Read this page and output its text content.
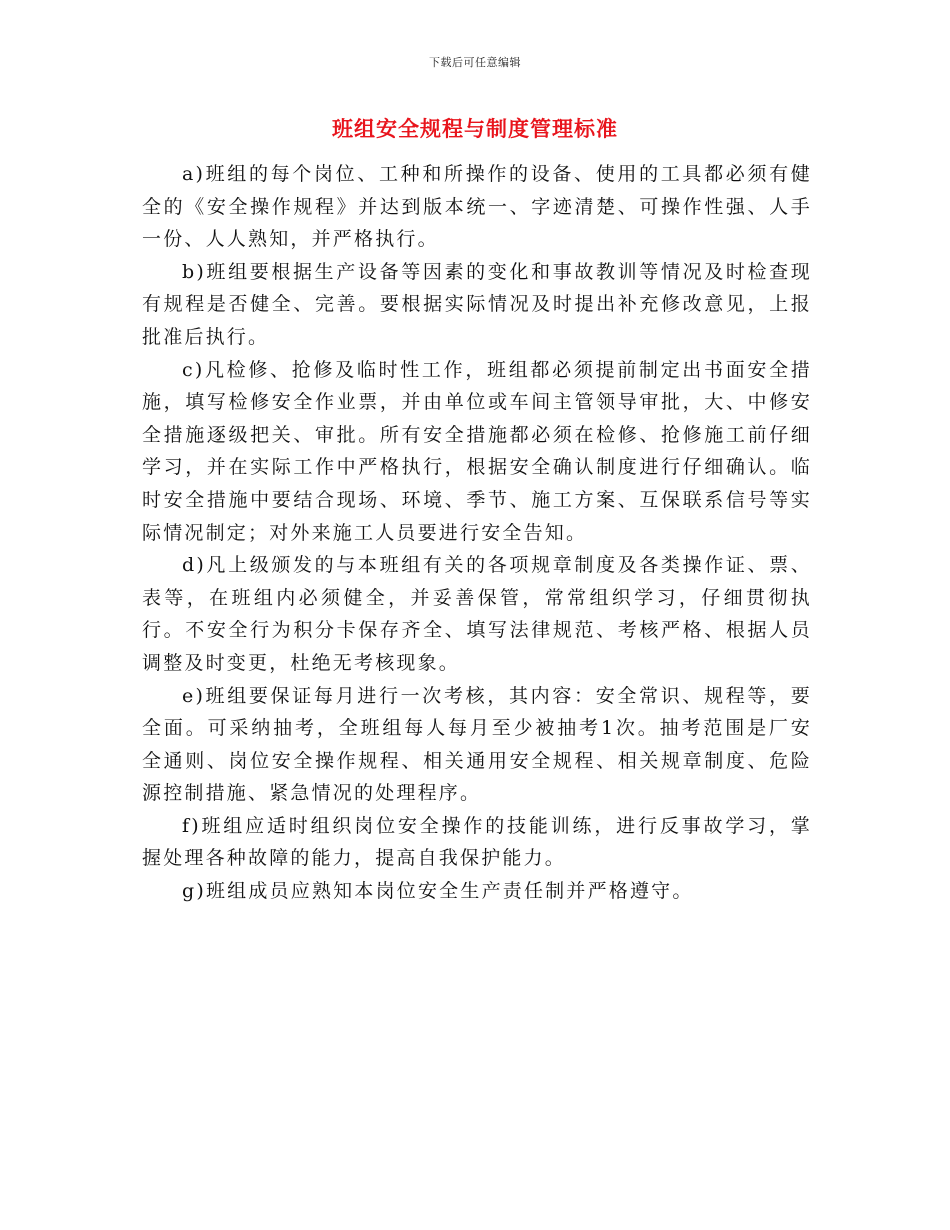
下载后可任意编辑
班组安全规程与制度管理标准

a)班组的每个岗位、工种和所操作的设备、使用的工具都必须有健全的《安全操作规程》并达到版本统一、字迹清楚、可操作性强、人手一份、人人熟知，并严格执行。

b)班组要根据生产设备等因素的变化和事故教训等情况及时检查现有规程是否健全、完善。要根据实际情况及时提出补充修改意见，上报批准后执行。

c)凡检修、抢修及临时性工作，班组都必须提前制定出书面安全措施，填写检修安全作业票，并由单位或车间主管领导审批，大、中修安全措施逐级把关、审批。所有安全措施都必须在检修、抢修施工前仔细学习，并在实际工作中严格执行，根据安全确认制度进行仔细确认。临时安全措施中要结合现场、环境、季节、施工方案、互保联系信号等实际情况制定；对外来施工人员要进行安全告知。

d)凡上级颁发的与本班组有关的各项规章制度及各类操作证、票、表等，在班组内必须健全，并妥善保管，常常组织学习，仔细贯彻执行。不安全行为积分卡保存齐全、填写法律规范、考核严格、根据人员调整及时变更，杜绝无考核现象。

e)班组要保证每月进行一次考核，其内容：安全常识、规程等，要全面。可采纳抽考，全班组每人每月至少被抽考1次。抽考范围是厂安全通则、岗位安全操作规程、相关通用安全规程、相关规章制度、危险源控制措施、紧急情况的处理程序。

f)班组应适时组织岗位安全操作的技能训练，进行反事故学习，掌握处理各种故障的能力，提高自我保护能力。

g)班组成员应熟知本岗位安全生产责任制并严格遵守。
